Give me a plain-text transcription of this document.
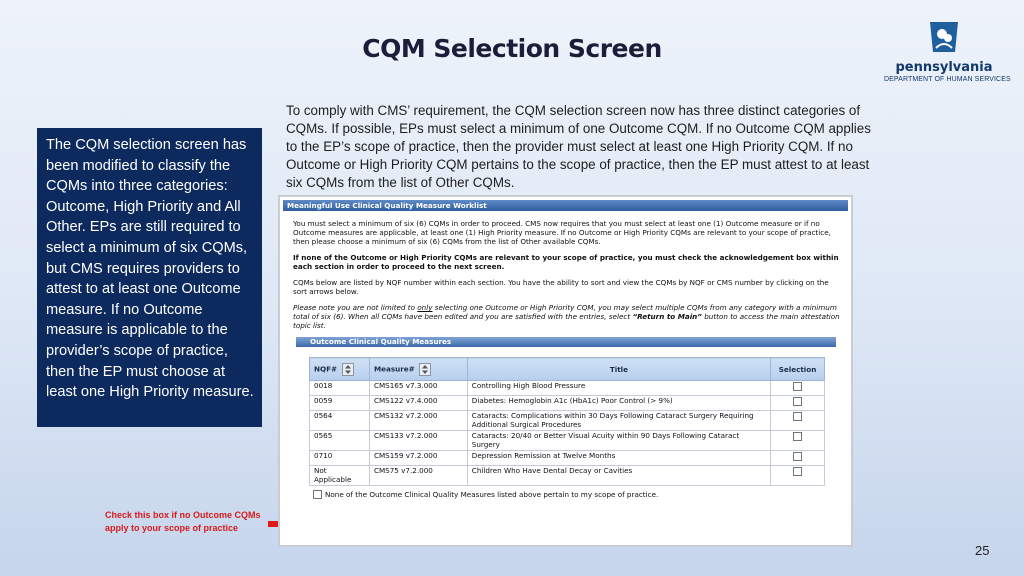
CQM Selection Screen
pennsylvania
DEPARTMENT OF HUMAN SERVICES
To comply with CMS’ requirement, the CQM selection screen now has three distinct categories of CQMs. If possible, EPs must select a minimum of one Outcome CQM. If no Outcome CQM applies to the EP’s scope of practice, then the provider must select at least one High Priority CQM. If no Outcome or High Priority CQM pertains to the scope of practice, then the EP must attest to at least six CQMs from the list of Other CQMs.
The CQM selection screen has been modified to classify the CQMs into three categories: Outcome, High Priority and All Other. EPs are still required to select a minimum of six CQMs, but CMS requires providers to attest to at least one Outcome measure. If no Outcome measure is applicable to the provider’s scope of practice, then the EP must choose at least one High Priority measure.
Check this box if no Outcome CQMs apply to your scope of practice
Meaningful Use Clinical Quality Measure Worklist

You must select a minimum of six (6) CQMs in order to proceed. CMS now requires that you must select at least one (1) Outcome measure or if no Outcome measures are applicable, at least one (1) High Priority measure. If no Outcome or High Priority CQMs are relevant to your scope of practice, then please choose a minimum of six (6) CQMs from the list of Other available CQMs.

If none of the Outcome or High Priority CQMs are relevant to your scope of practice, you must check the acknowledgement box within each section in order to proceed to the next screen.

CQMs below are listed by NQF number within each section. You have the ability to sort and view the CQMs by NQF or CMS number by clicking on the sort arrows below.

Please note you are not limited to only selecting one Outcome or High Priority CQM, you may select multiple CQMs from any category with a minimum total of six (6). When all CQMs have been edited and you are satisfied with the entries, select “Return to Main” button to access the main attestation topic list.

Outcome Clinical Quality Measures
NQF#	Measure#	Title	Selection
0018	CMS165 v7.3.000	Controlling High Blood Pressure	
0059	CMS122 v7.4.000	Diabetes: Hemoglobin A1c (HbA1c) Poor Control (> 9%)	
0564	CMS132 v7.2.000	Cataracts: Complications within 30 Days Following Cataract Surgery Requiring Additional Surgical Procedures	
0565	CMS133 v7.2.000	Cataracts: 20/40 or Better Visual Acuity within 90 Days Following Cataract Surgery	
0710	CMS159 v7.2.000	Depression Remission at Twelve Months	
Not Applicable	CMS75 v7.2.000	Children Who Have Dental Decay or Cavities	
None of the Outcome Clinical Quality Measures listed above pertain to my scope of practice.
25
